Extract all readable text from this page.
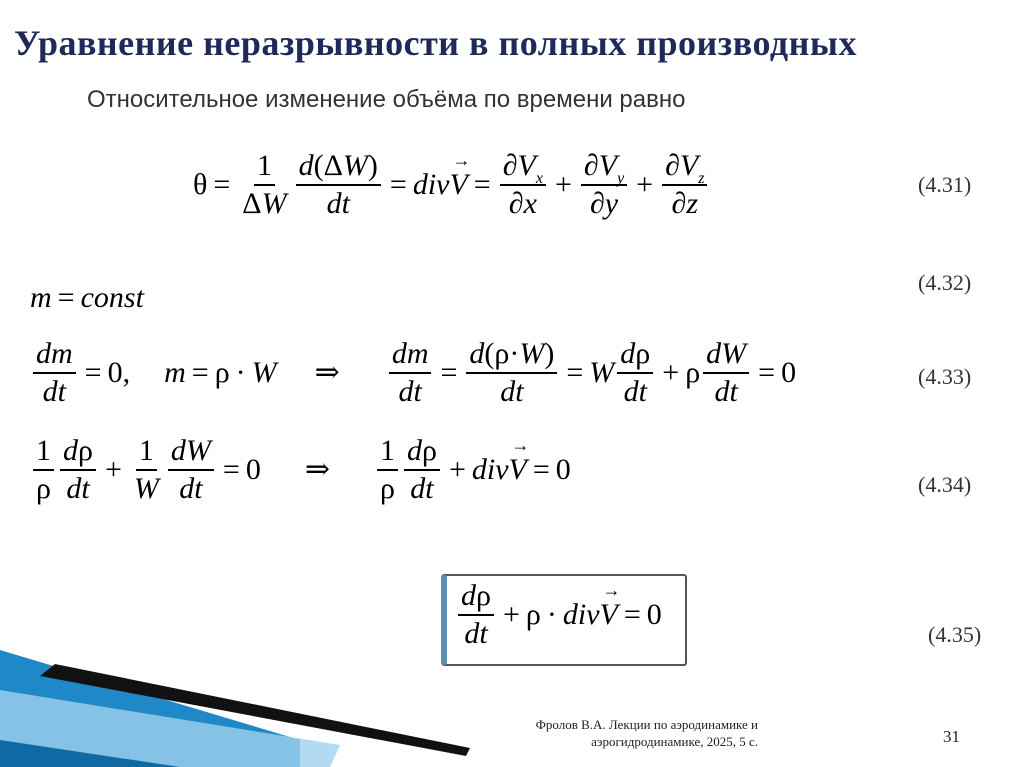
Уравнение неразрывности в полных производных
Относительное изменение объёма по времени равно
$\theta = \frac{1}{\Delta W} \frac{d(\Delta W)}{dt}$ = div → $V = \frac{\partial V_x}{\partial x} + \frac{\partial V_y}{\partial y} + \frac{\partial V_z}{\partial z}$	(4.31)
m = const	(4.32)
$\frac{dm}{dt} = 0$, m = ρ · W ⇒ $\frac{dm}{dt} = \frac{d(\rho\cdot W)}{dt} = W \frac{d\rho}{dt} + \rho \frac{dW}{dt} = 0$	(4.33)
$\frac{1}{\rho} \frac{d\rho}{dt} + \frac{1}{W} \frac{dW}{dt} = 0$ ⇒ $\frac{1}{\rho} \frac{d\rho}{dt}$ + div → V = 0	(4.34)
$\frac{d\rho}{dt} + \rho$ · div → V = 0
(4.35)
Фролов В.А. Лекции по аэродинамике и
аэрогидродинамике, 2025, 5 с.	31
